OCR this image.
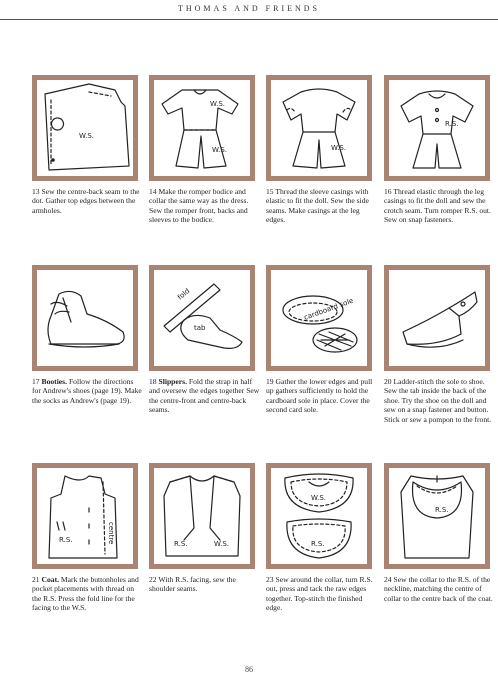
THOMAS AND FRIENDS
W.S.
13 Sew the centre-back seam to the dot. Gather top edges between the armholes.
W.S.
W.S.
14 Make the romper bodice and collar the same way as the dress. Sew the romper front, backs and sleeves to the bodice.
W.S.
15 Thread the sleeve casings with elastic to fit the doll. Sew the side seams. Make casings at the leg edges.
R.S.
16 Thread elastic through the leg casings to fit the doll and sew the crotch seam. Turn romper R.S. out. Sew on snap fasteners.
17 Booties. Follow the directions for Andrew's shoes (page 19). Make the socks as Andrew's (page 19).
fold
tab
18 Slippers. Fold the strap in half and oversew the edges together Sew the centre-front and centre-back seams.
cardboard sole
19 Gather the lower edges and pull up gathers sufficiently to hold the cardboard sole in place. Cover the second card sole.
20 Ladder-stitch the sole to shoe. Sew the tab inside the back of the shoe. Try the shoe on the doll and sew on a snap fastener and button. Stick or sew a pompon to the front.
R.S.	centre
21 Coat. Mark the buttonholes and pocket placements with thread on the R.S. Press the fold line for the facing to the W.S.
W.S.
R.S.
22 With R.S. facing, sew the shoulder seams.
W.S.
R.S.
23 Sew around the collar, turn R.S. out, press and tack the raw edges together. Top-stitch the finished edge.
R.S.
24 Sew the collar to the R.S. of the neckline, matching the centre of collar to the centre back of the coat.
86
